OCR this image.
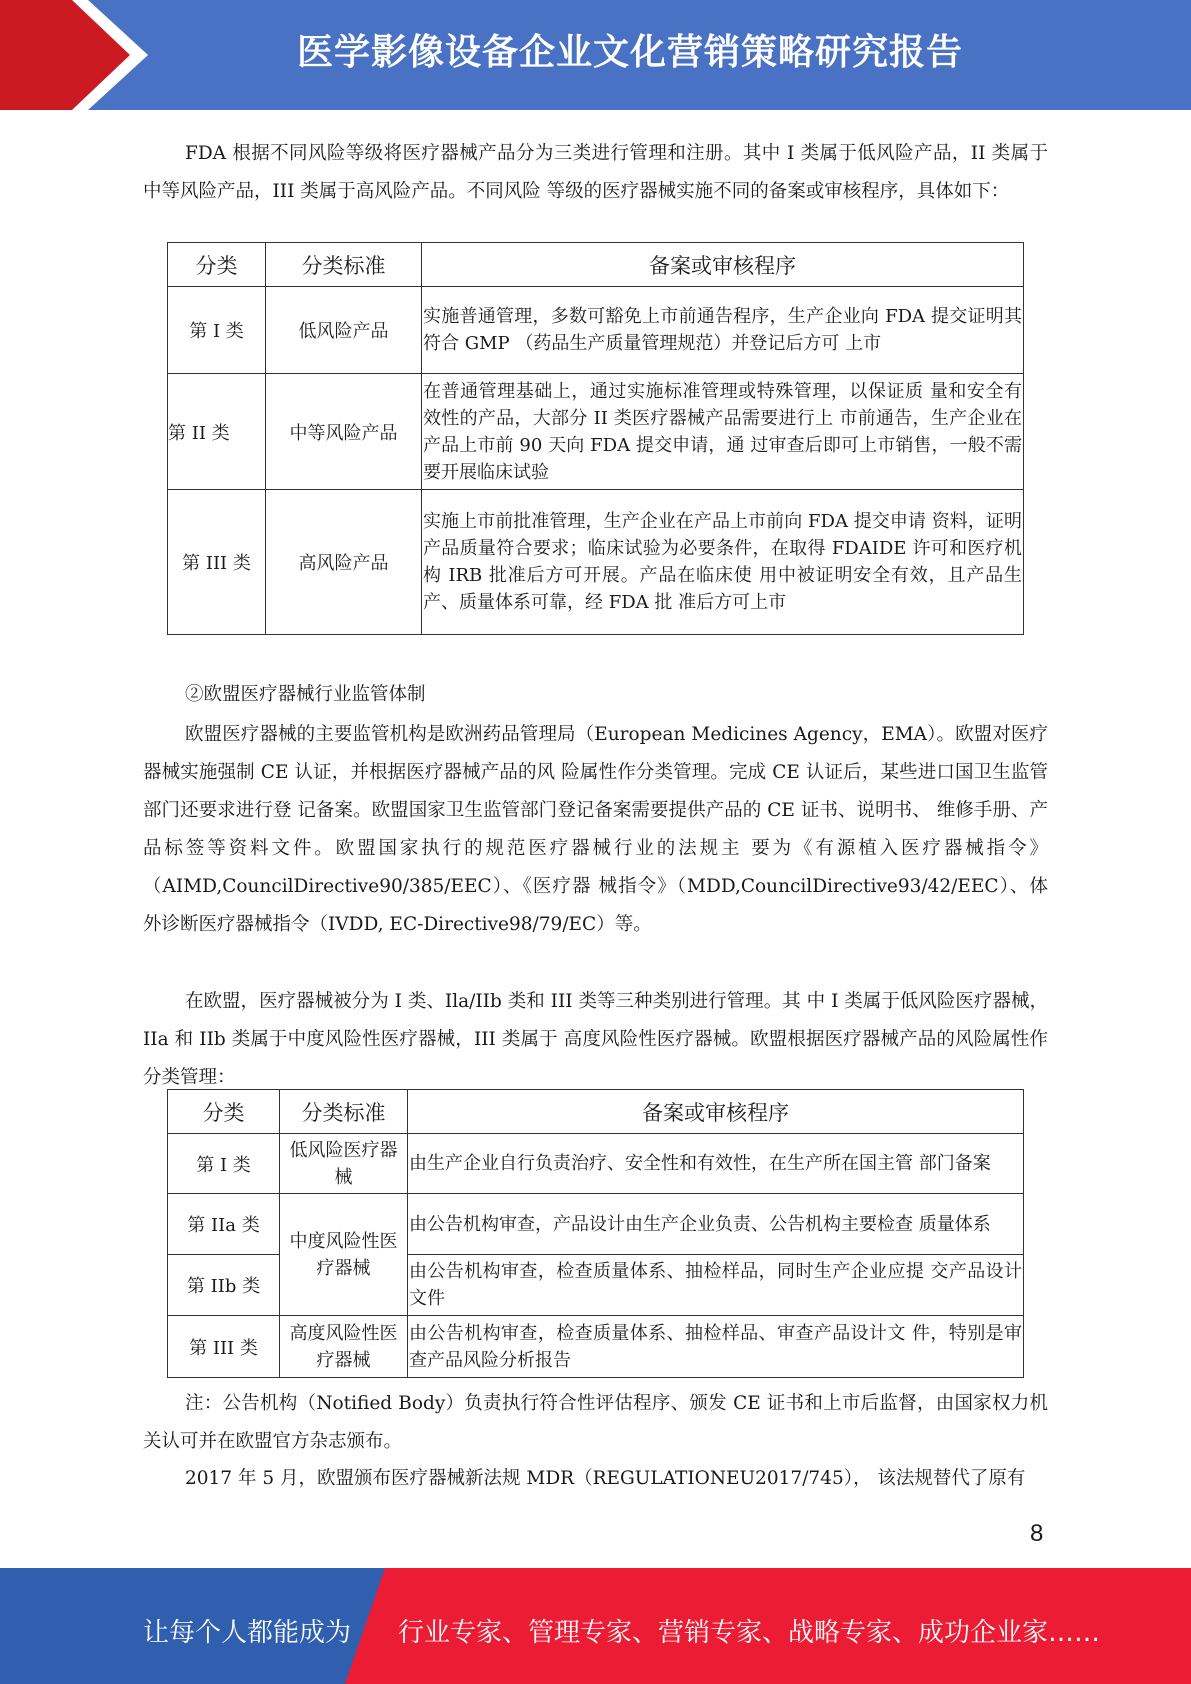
医学影像设备企业文化营销策略研究报告

FDA 根据不同风险等级将医疗器械产品分为三类进行管理和注册。其中 I 类属于低风险产品，II 类属于中等风险产品，III 类属于高风险产品。不同风险 等级的医疗器械实施不同的备案或审核程序，具体如下：

分类	分类标准	备案或审核程序
第 I 类	低风险产品	实施普通管理，多数可豁免上市前通告程序，生产企业向 FDA 提交证明其符合 GMP （药品生产质量管理规范）并登记后方可 上市
第 II 类	中等风险产品	在普通管理基础上，通过实施标准管理或特殊管理，以保证质 量和安全有效性的产品，大部分 II 类医疗器械产品需要进行上 市前通告，生产企业在产品上市前 90 天向 FDA 提交申请，通 过审查后即可上市销售，一般不需要开展临床试验
第 III 类	高风险产品	实施上市前批准管理，生产企业在产品上市前向 FDA 提交申请 资料，证明产品质量符合要求；临床试验为必要条件，在取得 FDAIDE 许可和医疗机构 IRB 批准后方可开展。产品在临床使 用中被证明安全有效，且产品生产、质量体系可靠，经 FDA 批 准后方可上市

②欧盟医疗器械行业监管体制

欧盟医疗器械的主要监管机构是欧洲药品管理局（European Medicines Agency，EMA）。欧盟对医疗器械实施强制 CE 认证，并根据医疗器械产品的风 险属性作分类管理。完成 CE 认证后，某些进口国卫生监管部门还要求进行登 记备案。欧盟国家卫生监管部门登记备案需要提供产品的 CE 证书、说明书、 维修手册、产品标签等资料文件。欧盟国家执行的规范医疗器械行业的法规主 要为《有源植入医疗器械指令》（AIMD,CouncilDirective90/385/EEC）、《医疗器 械指令》（MDD,CouncilDirective93/42/EEC）、体外诊断医疗器械指令（IVDD, EC-Directive98/79/EC）等。

在欧盟，医疗器械被分为 I 类、Ila/IIb 类和 III 类等三种类别进行管理。其 中 I 类属于低风险医疗器械，IIa 和 IIb 类属于中度风险性医疗器械，III 类属于 高度风险性医疗器械。欧盟根据医疗器械产品的风险属性作分类管理：

分类	分类标准	备案或审核程序
第 I 类	低风险医疗器械	由生产企业自行负责治疗、安全性和有效性，在生产所在国主管 部门备案
第 IIa 类	中度风险性医疗器械	由公告机构审查，产品设计由生产企业负责、公告机构主要检查 质量体系
第 IIb 类		由公告机构审查，检查质量体系、抽检样品，同时生产企业应提 交产品设计文件
第 III 类	高度风险性医疗器械	由公告机构审查，检查质量体系、抽检样品、审查产品设计文 件，特别是审查产品风险分析报告

注：公告机构（Notified Body）负责执行符合性评估程序、颁发 CE 证书和上市后监督，由国家权力机关认可并在欧盟官方杂志颁布。

2017 年 5 月，欧盟颁布医疗器械新法规 MDR（REGULATIONEU2017/745）， 该法规替代了原有

8
让每个人都能成为 行业专家、管理专家、营销专家、战略专家、成功企业家……
